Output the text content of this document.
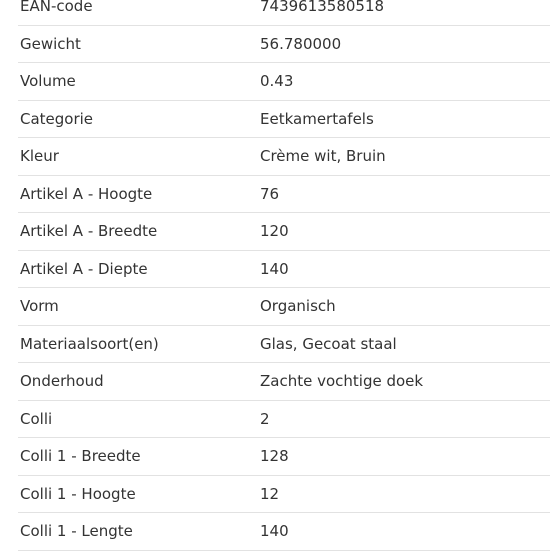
EAN-code	7439613580518
Gewicht	56.780000
Volume	0.43
Categorie	Eetkamertafels
Kleur	Crème wit, Bruin
Artikel A - Hoogte	76
Artikel A - Breedte	120
Artikel A - Diepte	140
Vorm	Organisch
Materiaalsoort(en)	Glas, Gecoat staal
Onderhoud	Zachte vochtige doek
Colli	2
Colli 1 - Breedte	128
Colli 1 - Hoogte	12
Colli 1 - Lengte	140
